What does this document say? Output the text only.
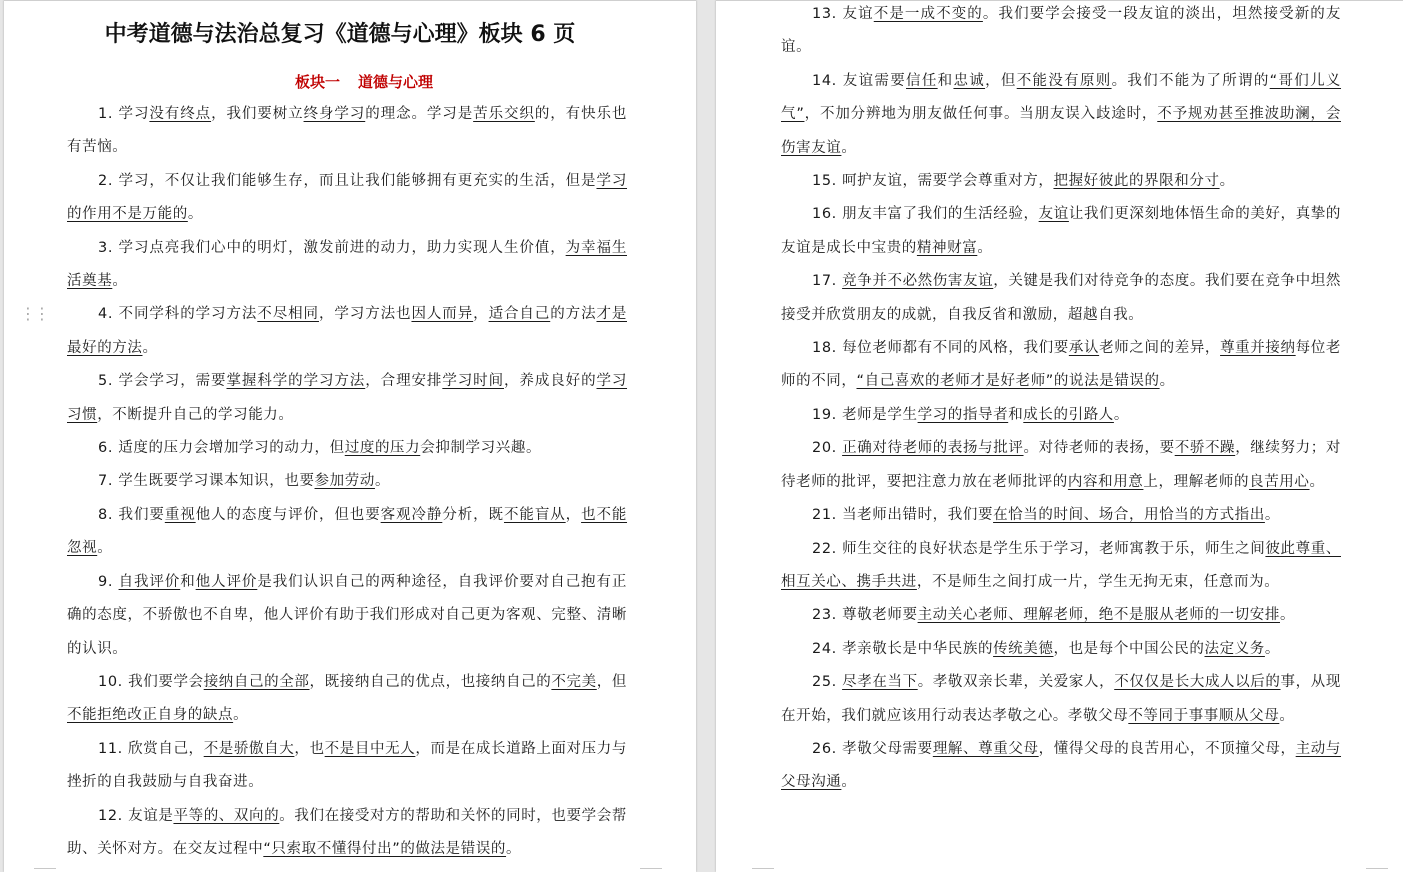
⋮⋮
中考道德与法治总复习《道德与心理》板块 6 页
板块一 道德与心理

1. 学习没有终点，我们要树立终身学习的理念。学习是苦乐交织的，有快乐也有苦恼。

2. 学习，不仅让我们能够生存，而且让我们能够拥有更充实的生活，但是学习的作用不是万能的。

3. 学习点亮我们心中的明灯，激发前进的动力，助力实现人生价值，为幸福生活奠基。

4. 不同学科的学习方法不尽相同，学习方法也因人而异，适合自己的方法才是最好的方法。

5. 学会学习，需要掌握科学的学习方法，合理安排学习时间，养成良好的学习习惯，不断提升自己的学习能力。

6. 适度的压力会增加学习的动力，但过度的压力会抑制学习兴趣。

7. 学生既要学习课本知识，也要参加劳动。

8. 我们要重视他人的态度与评价，但也要客观冷静分析，既不能盲从，也不能忽视。

9. 自我评价和他人评价是我们认识自己的两种途径，自我评价要对自己抱有正确的态度，不骄傲也不自卑，他人评价有助于我们形成对自己更为客观、完整、清晰的认识。

10. 我们要学会接纳自己的全部，既接纳自己的优点，也接纳自己的不完美，但不能拒绝改正自身的缺点。

11. 欣赏自己，不是骄傲自大，也不是目中无人，而是在成长道路上面对压力与挫折的自我鼓励与自我奋进。

12. 友谊是平等的、双向的。我们在接受对方的帮助和关怀的同时，也要学会帮助、关怀对方。在交友过程中“只索取不懂得付出”的做法是错误的。

13. 友谊不是一成不变的。我们要学会接受一段友谊的淡出，坦然接受新的友谊。

14. 友谊需要信任和忠诚，但不能没有原则。我们不能为了所谓的“哥们儿义气”，不加分辨地为朋友做任何事。当朋友误入歧途时，不予规劝甚至推波助澜，会伤害友谊。

15. 呵护友谊，需要学会尊重对方，把握好彼此的界限和分寸。

16. 朋友丰富了我们的生活经验，友谊让我们更深刻地体悟生命的美好，真挚的友谊是成长中宝贵的精神财富。

17. 竞争并不必然伤害友谊，关键是我们对待竞争的态度。我们要在竞争中坦然接受并欣赏朋友的成就，自我反省和激励，超越自我。

18. 每位老师都有不同的风格，我们要承认老师之间的差异，尊重并接纳每位老师的不同，“自己喜欢的老师才是好老师”的说法是错误的。

19. 老师是学生学习的指导者和成长的引路人。

20. 正确对待老师的表扬与批评。对待老师的表扬，要不骄不躁，继续努力；对待老师的批评，要把注意力放在老师批评的内容和用意上，理解老师的良苦用心。

21. 当老师出错时，我们要在恰当的时间、场合，用恰当的方式指出。

22. 师生交往的良好状态是学生乐于学习，老师寓教于乐，师生之间彼此尊重、相互关心、携手共进，不是师生之间打成一片，学生无拘无束，任意而为。

23. 尊敬老师要主动关心老师、理解老师，绝不是服从老师的一切安排。

24. 孝亲敬长是中华民族的传统美德，也是每个中国公民的法定义务。

25. 尽孝在当下。孝敬双亲长辈，关爱家人，不仅仅是长大成人以后的事，从现在开始，我们就应该用行动表达孝敬之心。孝敬父母不等同于事事顺从父母。

26. 孝敬父母需要理解、尊重父母，懂得父母的良苦用心，不顶撞父母，主动与父母沟通。
